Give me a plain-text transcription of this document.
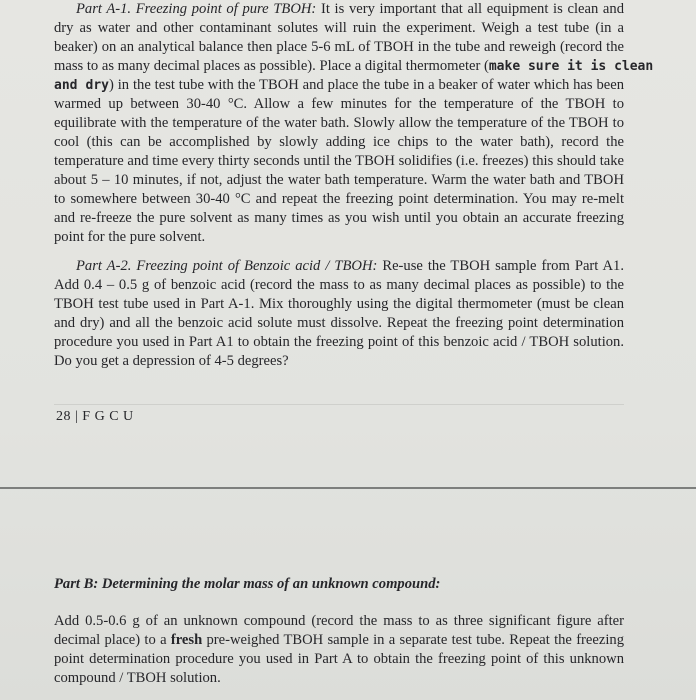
Part A-1. Freezing point of pure TBOH: It is very important that all equipment is clean and
dry as water and other contaminant solutes will ruin the experiment. Weigh a test tube (in a
beaker) on an analytical balance then place 5-6 mL of TBOH in the tube and reweigh (record the
mass to as many decimal places as possible). Place a digital thermometer (make sure it is clean
and dry) in the test tube with the TBOH and place the tube in a beaker of water which has been
warmed up between 30-40 °C. Allow a few minutes for the temperature of the TBOH to
equilibrate with the temperature of the water bath. Slowly allow the temperature of the TBOH to
cool (this can be accomplished by slowly adding ice chips to the water bath), record the
temperature and time every thirty seconds until the TBOH solidifies (i.e. freezes) this should take
about 5 – 10 minutes, if not, adjust the water bath temperature. Warm the water bath and TBOH
to somewhere between 30-40 °C and repeat the freezing point determination. You may re-melt
and re-freeze the pure solvent as many times as you wish until you obtain an accurate freezing
point for the pure solvent.
Part A-2. Freezing point of Benzoic acid / TBOH: Re-use the TBOH sample from Part A1.
Add 0.4 – 0.5 g of benzoic acid (record the mass to as many decimal places as possible) to the
TBOH test tube used in Part A-1. Mix thoroughly using the digital thermometer (must be clean
and dry) and all the benzoic acid solute must dissolve. Repeat the freezing point determination
procedure you used in Part A1 to obtain the freezing point of this benzoic acid / TBOH solution.
Do you get a depression of 4-5 degrees?
28 | F G C U
Part B: Determining the molar mass of an unknown compound:
Add 0.5-0.6 g of an unknown compound (record the mass to as three significant figure after
decimal place) to a fresh pre-weighed TBOH sample in a separate test tube. Repeat the freezing
point determination procedure you used in Part A to obtain the freezing point of this unknown
compound / TBOH solution.
